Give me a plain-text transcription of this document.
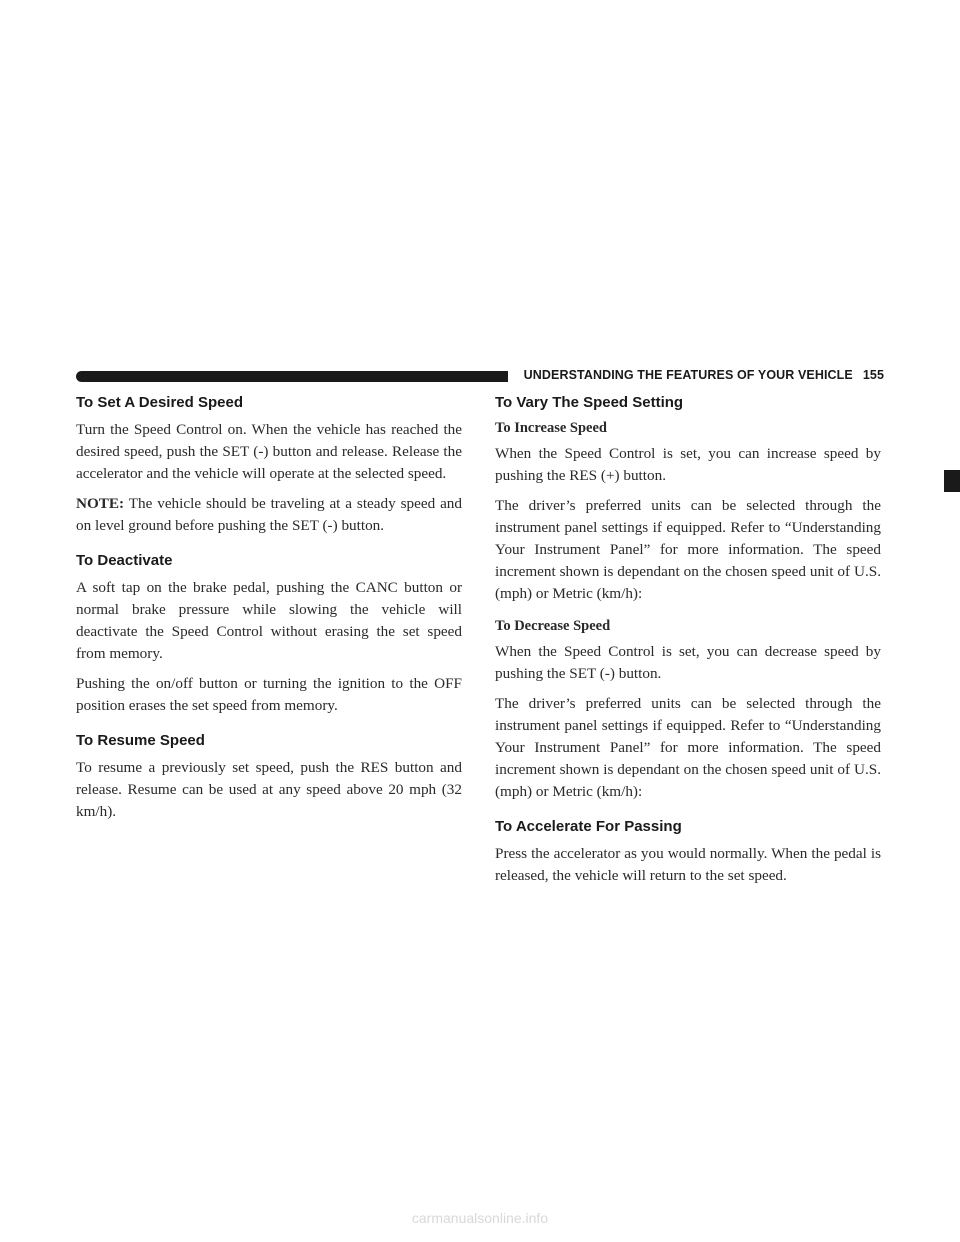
UNDERSTANDING THE FEATURES OF YOUR VEHICLE 155
3
To Set A Desired Speed

Turn the Speed Control on. When the vehicle has reached the desired speed, push the SET (-) button and release. Release the accelerator and the vehicle will operate at the selected speed.

NOTE: The vehicle should be traveling at a steady speed and on level ground before pushing the SET (-) button.

To Deactivate

A soft tap on the brake pedal, pushing the CANC button or normal brake pressure while slowing the vehicle will deactivate the Speed Control without erasing the set speed from memory.

Pushing the on/off button or turning the ignition to the OFF position erases the set speed from memory.

To Resume Speed

To resume a previously set speed, push the RES button and release. Resume can be used at any speed above 20 mph (32 km/h).

To Vary The Speed Setting
To Increase Speed

When the Speed Control is set, you can increase speed by pushing the RES (+) button.

The driver’s preferred units can be selected through the instrument panel settings if equipped. Refer to “Understanding Your Instrument Panel” for more information. The speed increment shown is dependant on the chosen speed unit of U.S. (mph) or Metric (km/h):

To Decrease Speed

When the Speed Control is set, you can decrease speed by pushing the SET (-) button.

The driver’s preferred units can be selected through the instrument panel settings if equipped. Refer to “Understanding Your Instrument Panel” for more information. The speed increment shown is dependant on the chosen speed unit of U.S. (mph) or Metric (km/h):

To Accelerate For Passing

Press the accelerator as you would normally. When the pedal is released, the vehicle will return to the set speed.

carmanualsonline.info
